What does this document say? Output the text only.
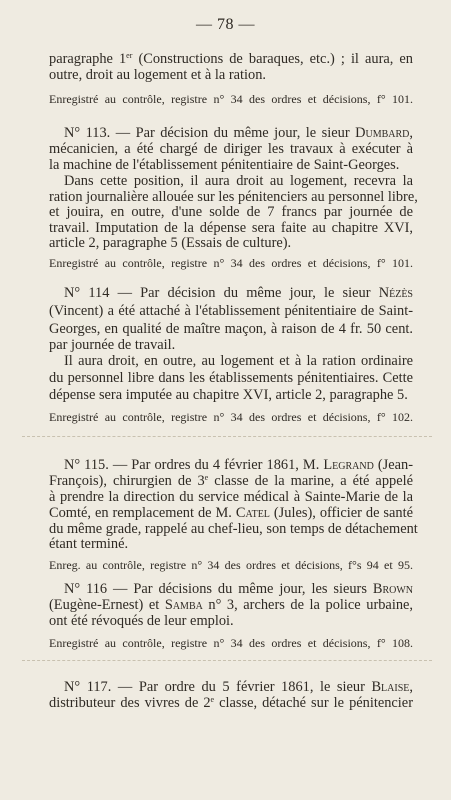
— 78 —
paragraphe 1er (Constructions de baraques, etc.) ; il aura, en
outre, droit au logement et à la ration.
Enregistré au contrôle, registre n° 34 des ordres et décisions, f° 101.
N° 113. — Par décision du même jour, le sieur Dumbard,
mécanicien, a été chargé de diriger les travaux à exécuter à
la machine de l'établissement pénitentiaire de Saint-Georges.
Dans cette position, il aura droit au logement, recevra la
ration journalière allouée sur les pénitenciers au personnel libre,
et jouira, en outre, d'une solde de 7 francs par journée de
travail. Imputation de la dépense sera faite au chapitre XVI,
article 2, paragraphe 5 (Essais de culture).
Enregistré au contrôle, registre n° 34 des ordres et décisions, f° 101.
N° 114 — Par décision du même jour, le sieur Nézès
(Vincent) a été attaché à l'établissement pénitentiaire de Saint-
Georges, en qualité de maître maçon, à raison de 4 fr. 50 cent.
par journée de travail.
Il aura droit, en outre, au logement et à la ration ordinaire
du personnel libre dans les établissements pénitentiaires. Cette
dépense sera imputée au chapitre XVI, article 2, paragraphe 5.
Enregistré au contrôle, registre n° 34 des ordres et décisions, f° 102.
N° 115. — Par ordres du 4 février 1861, M. Legrand (Jean-
François), chirurgien de 3e classe de la marine, a été appelé
à prendre la direction du service médical à Sainte-Marie de la
Comté, en remplacement de M. Catel (Jules), officier de santé
du même grade, rappelé au chef-lieu, son temps de détachement
étant terminé.
Enreg. au contrôle, registre n° 34 des ordres et décisions, f°s 94 et 95.
N° 116 — Par décisions du même jour, les sieurs Brown
(Eugène-Ernest) et Samba n° 3, archers de la police urbaine,
ont été révoqués de leur emploi.
Enregistré au contrôle, registre n° 34 des ordres et décisions, f° 108.
N° 117. — Par ordre du 5 février 1861, le sieur Blaise,
distributeur des vivres de 2e classe, détaché sur le pénitencier
